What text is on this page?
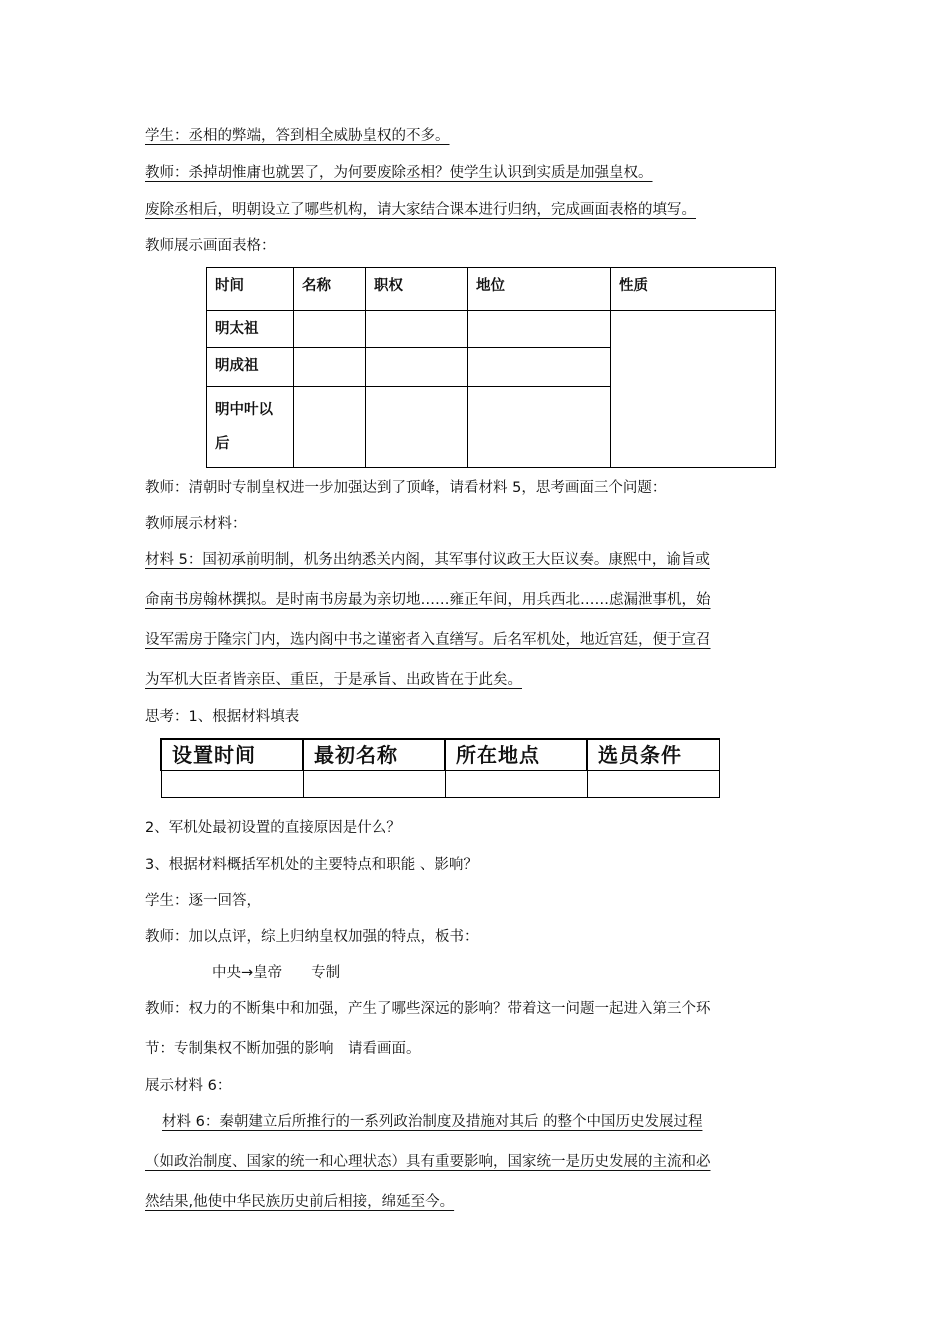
学生：丞相的弊端，答到相全威胁皇权的不多。
教师：杀掉胡惟庸也就罢了，为何要废除丞相？使学生认识到实质是加强皇权。
废除丞相后，明朝设立了哪些机构，请大家结合课本进行归纳，完成画面表格的填写。
教师展示画面表格：
时间	名称	职权	地位	性质
明太祖				
明成祖				
明中叶以后				
教师：清朝时专制皇权进一步加强达到了顶峰，请看材料 5，思考画面三个问题：
教师展示材料：
材料 5：国初承前明制，机务出纳悉关内阁，其军事付议政王大臣议奏。康熙中，谕旨或
命南书房翰林撰拟。是时南书房最为亲切地……雍正年间，用兵西北……虑漏泄事机，始
设军需房于隆宗门内，选内阁中书之谨密者入直缮写。后名军机处，地近宫廷，便于宣召
为军机大臣者皆亲臣、重臣，于是承旨、出政皆在于此矣。
思考：1、根据材料填表
设置时间	最初名称	所在地点	选员条件

2、军机处最初设置的直接原因是什么？
3、根据材料概括军机处的主要特点和职能 、影响？
学生：逐一回答，
教师：加以点评，综上归纳皇权加强的特点，板书：
中央→皇帝　　专制
教师：权力的不断集中和加强，产生了哪些深远的影响？带着这一问题一起进入第三个环
节：专制集权不断加强的影响　请看画面。
展示材料 6：
材料 6：秦朝建立后所推行的一系列政治制度及措施对其后 的整个中国历史发展过程
（如政治制度、国家的统一和心理状态）具有重要影响，国家统一是历史发展的主流和必
然结果,他使中华民族历史前后相接，绵延至今。
